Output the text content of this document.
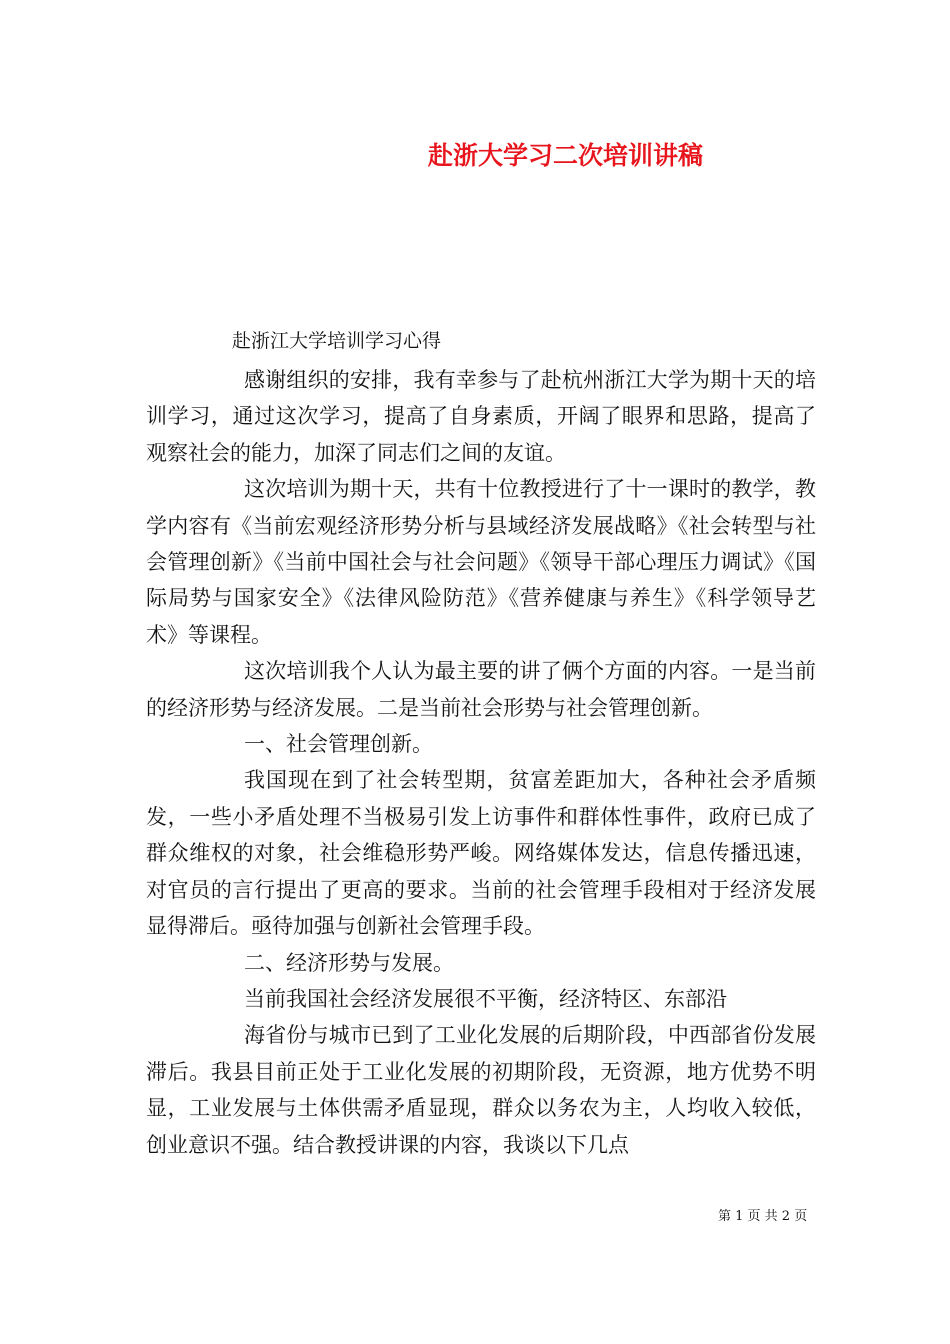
赴浙大学习二次培训讲稿
赴浙江大学培训学习心得

感谢组织的安排，我有幸参与了赴杭州浙江大学为期十天的培训学习，通过这次学习，提高了自身素质，开阔了眼界和思路，提高了观察社会的能力，加深了同志们之间的友谊。

这次培训为期十天，共有十位教授进行了十一课时的教学，教学内容有《当前宏观经济形势分析与县域经济发展战略》《社会转型与社会管理创新》《当前中国社会与社会问题》《领导干部心理压力调试》《国际局势与国家安全》《法律风险防范》《营养健康与养生》《科学领导艺术》等课程。

这次培训我个人认为最主要的讲了俩个方面的内容。一是当前的经济形势与经济发展。二是当前社会形势与社会管理创新。

一、社会管理创新。

我国现在到了社会转型期，贫富差距加大，各种社会矛盾频发，一些小矛盾处理不当极易引发上访事件和群体性事件，政府已成了群众维权的对象，社会维稳形势严峻。网络媒体发达，信息传播迅速，对官员的言行提出了更高的要求。当前的社会管理手段相对于经济发展显得滞后。亟待加强与创新社会管理手段。

二、经济形势与发展。

当前我国社会经济发展很不平衡，经济特区、东部沿

海省份与城市已到了工业化发展的后期阶段，中西部省份发展滞后。我县目前正处于工业化发展的初期阶段，无资源，地方优势不明显，工业发展与土体供需矛盾显现，群众以务农为主，人均收入较低，创业意识不强。结合教授讲课的内容，我谈以下几点

第 1 页 共 2 页
